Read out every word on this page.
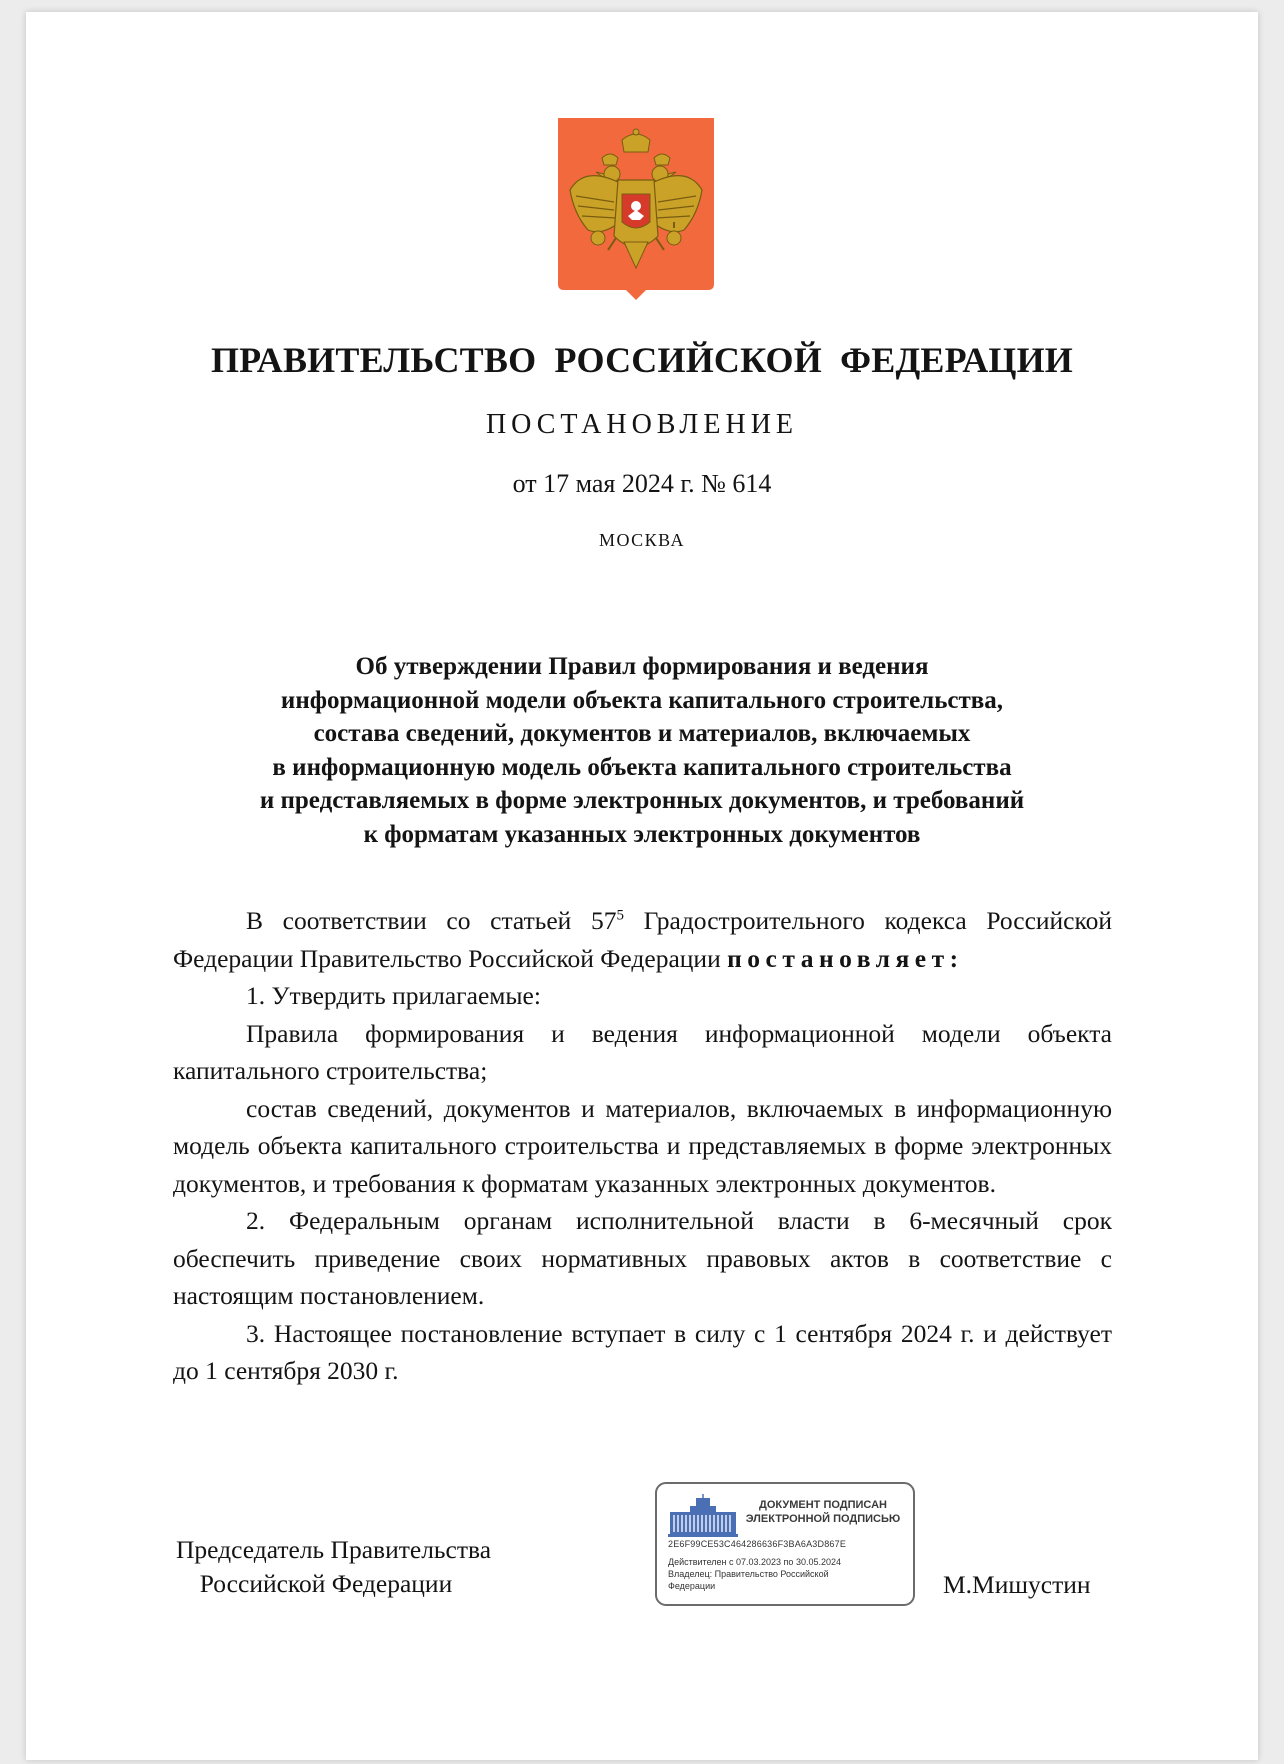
ПРАВИТЕЛЬСТВО РОССИЙСКОЙ ФЕДЕРАЦИИ
ПОСТАНОВЛЕНИЕ
от 17 мая 2024 г. № 614
МОСКВА
Об утверждении Правил формирования и ведения
информационной модели объекта капитального строительства,
состава сведений, документов и материалов, включаемых
в информационную модель объекта капитального строительства
и представляемых в форме электронных документов, и требований
к форматам указанных электронных документов

В соответствии со статьей $57^5$ Градостроительного кодекса Российской Федерации Правительство Российской Федерации постановляет:

1. Утвердить прилагаемые:

Правила формирования и ведения информационной модели объекта капитального строительства;

состав сведений, документов и материалов, включаемых в информационную модель объекта капитального строительства и представляемых в форме электронных документов, и требования к форматам указанных электронных документов.

2. Федеральным органам исполнительной власти в 6-месячный срок обеспечить приведение своих нормативных правовых актов в соответствие с настоящим постановлением.

3. Настоящее постановление вступает в силу с 1 сентября 2024 г. и действует до 1 сентября 2030 г.

Председатель Правительства
Российской Федерации
ДОКУМЕНТ ПОДПИСАН
ЭЛЕКТРОННОЙ ПОДПИСЬЮ
2E6F99CE53C464286636F3BA6A3D867E
Действителен с 07.03.2023 по 30.05.2024
Владелец: Правительство Российской
Федерации	М.Мишустин
